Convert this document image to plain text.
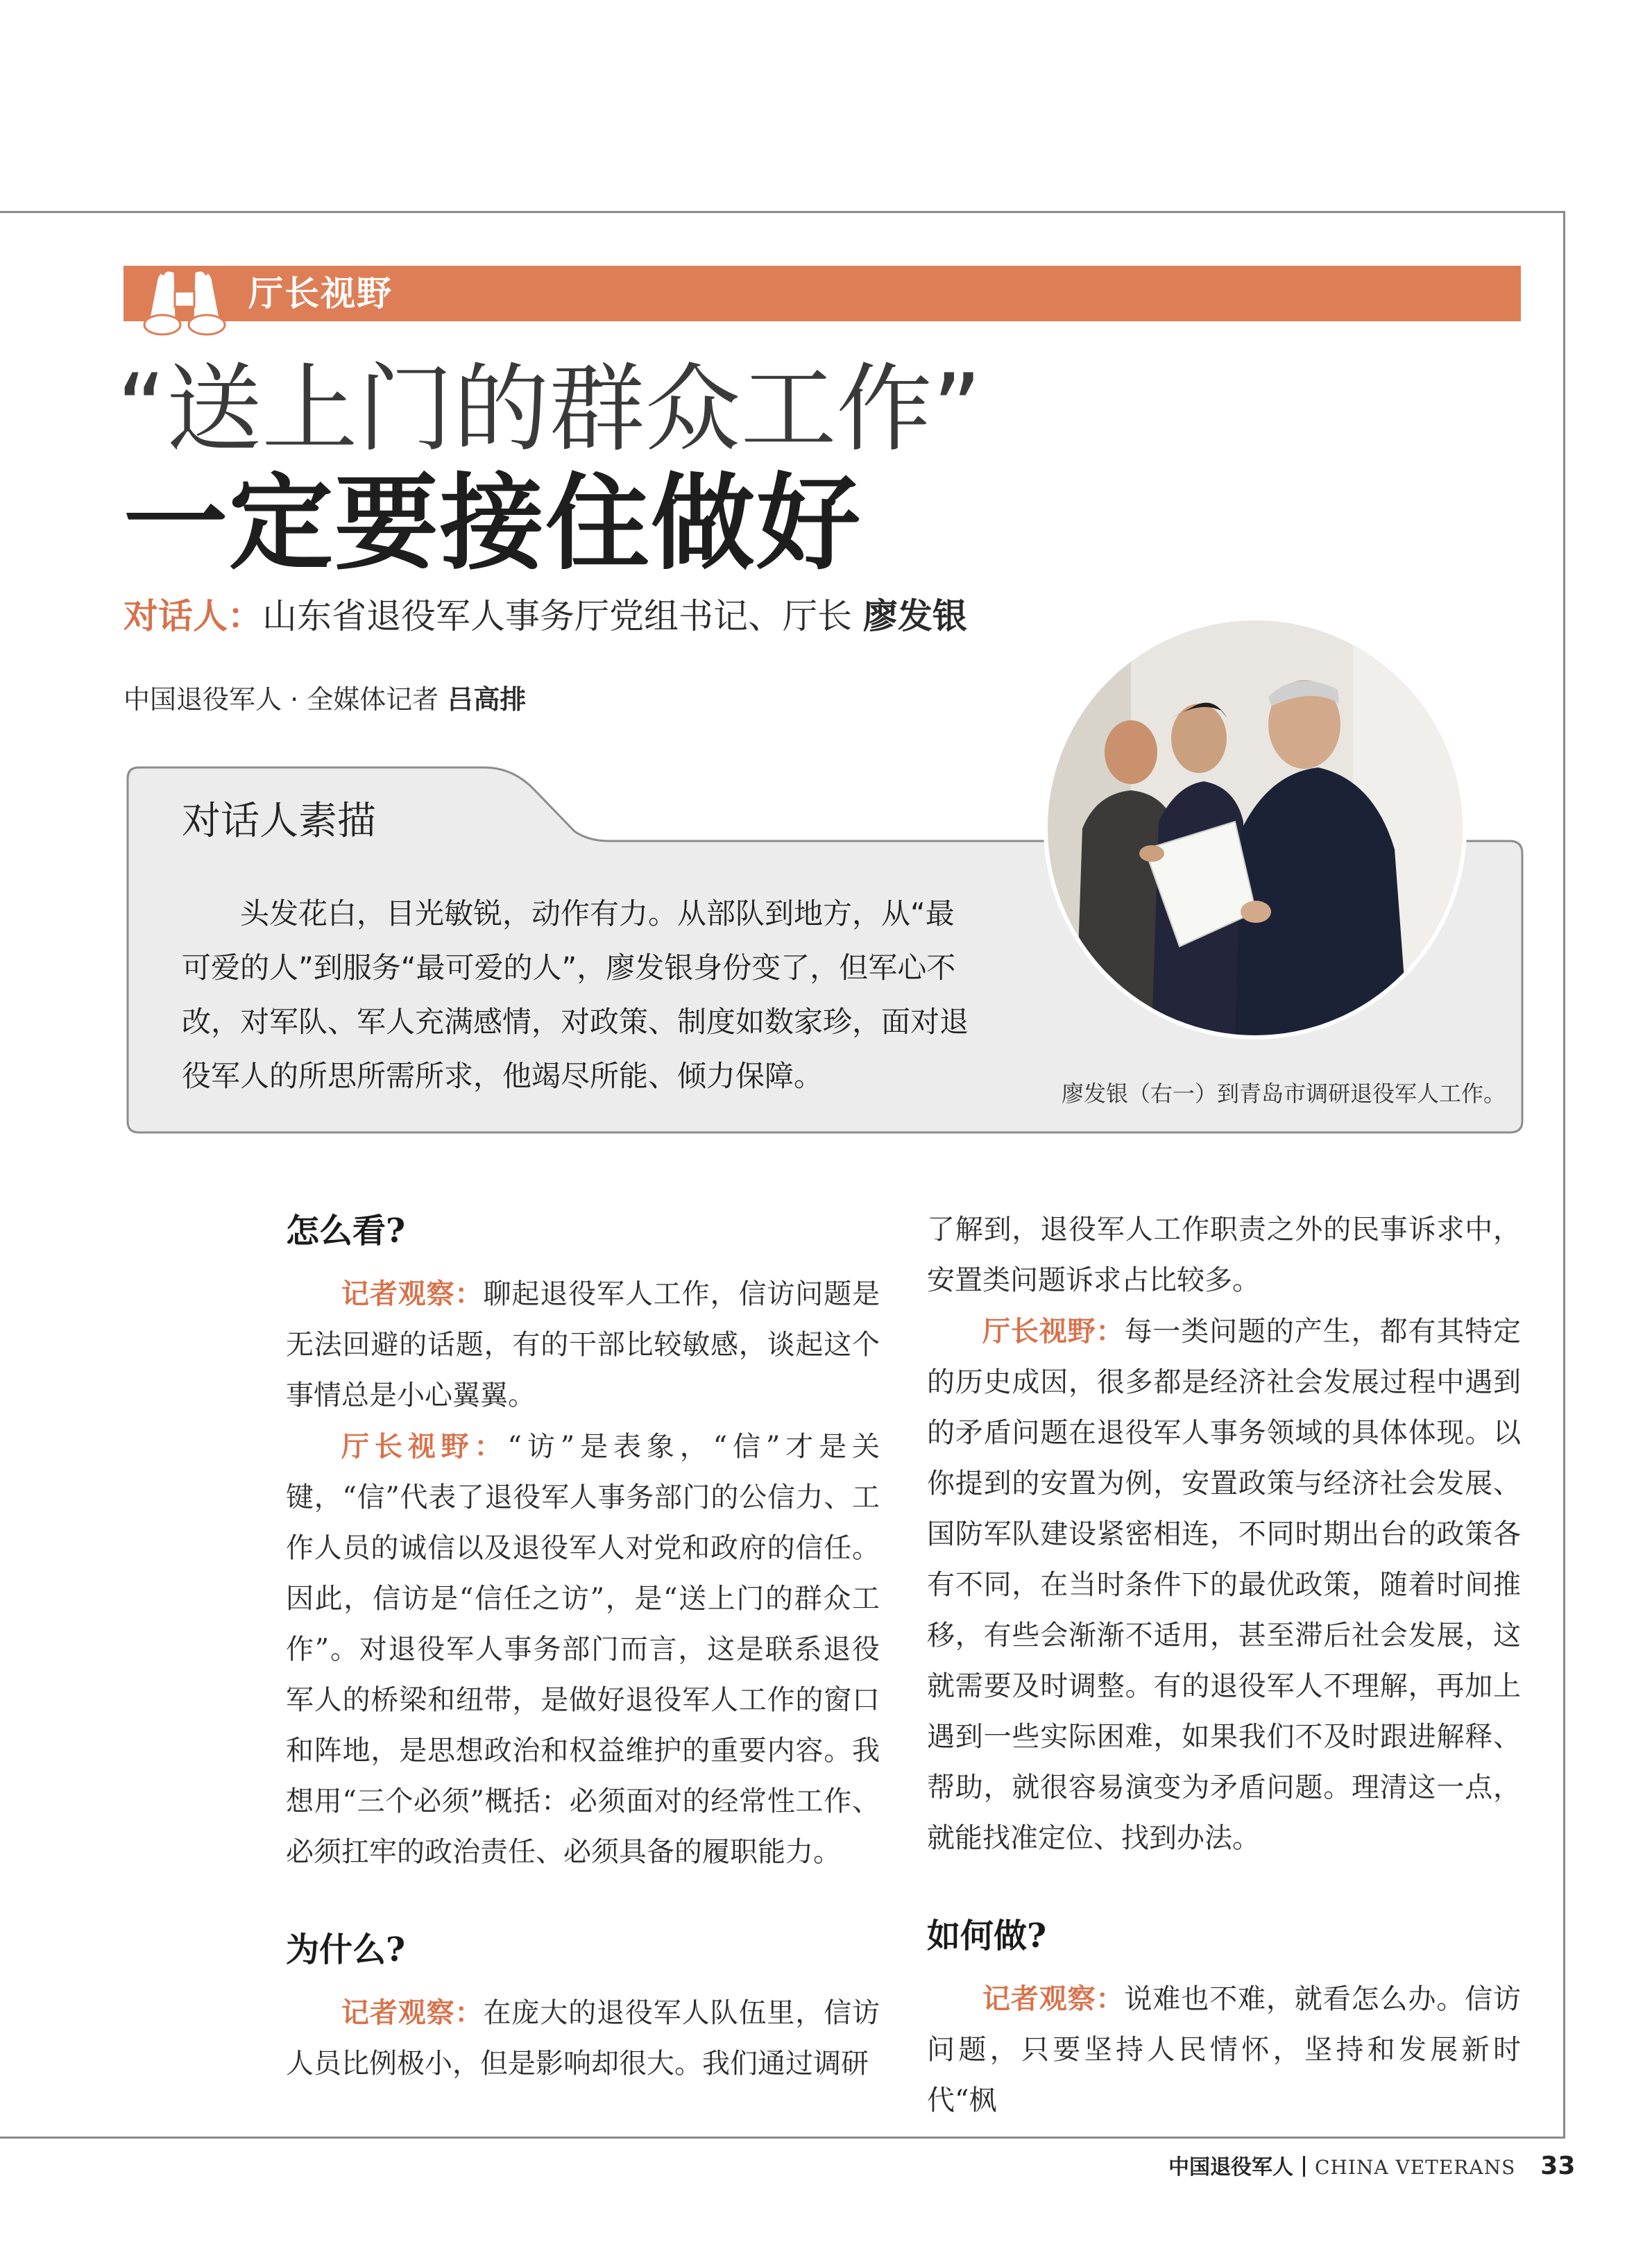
厅长视野
“送上门的群众工作”
一定要接住做好
对话人：山东省退役军人事务厅党组书记、厅长 廖发银
中国退役军人 · 全媒体记者 吕高排
对话人素描
头发花白，目光敏锐，动作有力。从部队到地方，从“最可爱的人”到服务“最可爱的人”，廖发银身份变了，但军心不改，对军队、军人充满感情，对政策、制度如数家珍，面对退役军人的所思所需所求，他竭尽所能、倾力保障。
廖发银（右一）到青岛市调研退役军人工作。
怎么看?

记者观察：聊起退役军人工作，信访问题是无法回避的话题，有的干部比较敏感，谈起这个事情总是小心翼翼。

厅长视野：“访”是表象，“信”才是关键，“信”代表了退役军人事务部门的公信力、工作人员的诚信以及退役军人对党和政府的信任。因此，信访是“信任之访”，是“送上门的群众工作”。对退役军人事务部门而言，这是联系退役军人的桥梁和纽带，是做好退役军人工作的窗口和阵地，是思想政治和权益维护的重要内容。我想用“三个必须”概括：必须面对的经常性工作、必须扛牢的政治责任、必须具备的履职能力。

为什么?

记者观察：在庞大的退役军人队伍里，信访人员比例极小，但是影响却很大。我们通过调研

了解到，退役军人工作职责之外的民事诉求中，安置类问题诉求占比较多。

厅长视野：每一类问题的产生，都有其特定的历史成因，很多都是经济社会发展过程中遇到的矛盾问题在退役军人事务领域的具体体现。以你提到的安置为例，安置政策与经济社会发展、国防军队建设紧密相连，不同时期出台的政策各有不同，在当时条件下的最优政策，随着时间推移，有些会渐渐不适用，甚至滞后社会发展，这就需要及时调整。有的退役军人不理解，再加上遇到一些实际困难，如果我们不及时跟进解释、帮助，就很容易演变为矛盾问题。理清这一点，就能找准定位、找到办法。

如何做?

记者观察：说难也不难，就看怎么办。信访问题，只要坚持人民情怀，坚持和发展新时代“枫

中国退役军人 CHINA VETERANS 33
